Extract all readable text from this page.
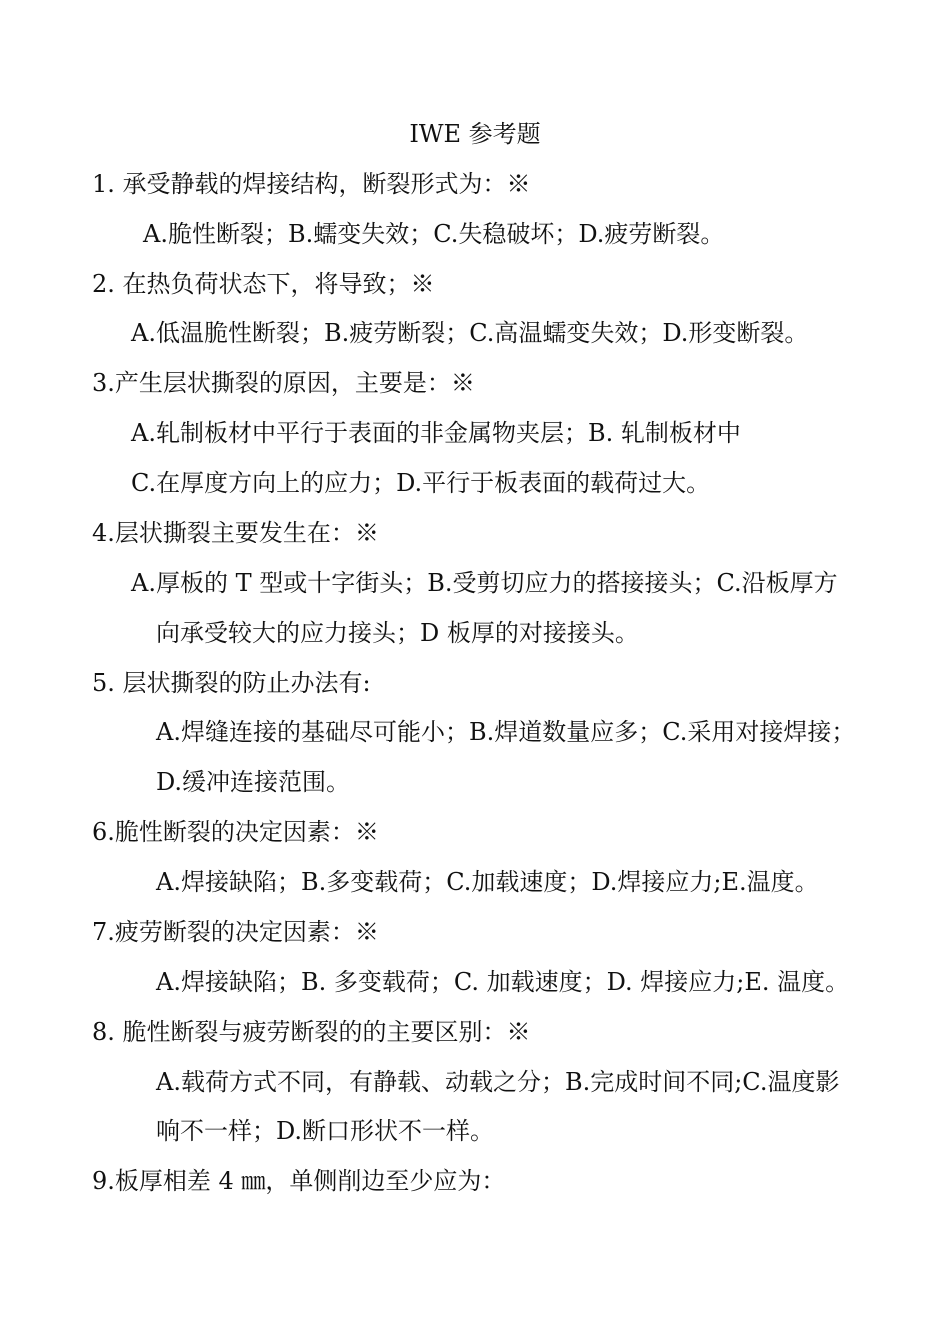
IWE 参考题
1. 承受静载的焊接结构，断裂形式为：※
A.脆性断裂；B.蠕变失效；C.失稳破坏；D.疲劳断裂。
2. 在热负荷状态下，将导致；※
A.低温脆性断裂；B.疲劳断裂；C.高温蠕变失效；D.形变断裂。
3.产生层状撕裂的原因，主要是：※
A.轧制板材中平行于表面的非金属物夹层；B. 轧制板材中
C.在厚度方向上的应力；D.平行于板表面的载荷过大。
4.层状撕裂主要发生在：※
A.厚板的 T 型或十字街头；B.受剪切应力的搭接接头；C.沿板厚方
向承受较大的应力接头；D 板厚的对接接头。
5. 层状撕裂的防止办法有:
A.焊缝连接的基础尽可能小；B.焊道数量应多；C.采用对接焊接；
D.缓冲连接范围。
6.脆性断裂的决定因素：※
A.焊接缺陷；B.多变载荷；C.加载速度；D.焊接应力;E.温度。
7.疲劳断裂的决定因素：※
A.焊接缺陷；B. 多变载荷；C. 加载速度；D. 焊接应力;E. 温度。
8. 脆性断裂与疲劳断裂的的主要区别：※
A.载荷方式不同，有静载、动载之分；B.完成时间不同;C.温度影
响不一样；D.断口形状不一样。
9.板厚相差 4 ㎜，单侧削边至少应为：
